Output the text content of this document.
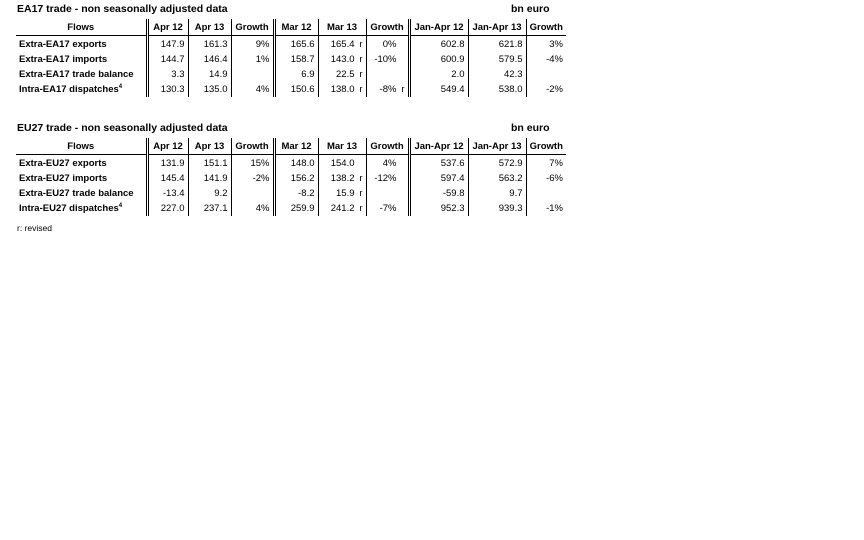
EA17 trade - non seasonally adjusted data	bn euro
Flows	Apr 12	Apr 13	Growth	Mar 12	Mar 13	Growth	Jan-Apr 12	Jan-Apr 13	Growth
Extra-EA17 exports	147.9	161.3	9%	165.6	165.4 r	0%	602.8	621.8	3%
Extra-EA17 imports	144.7	146.4	1%	158.7	143.0 r	-10%	600.9	579.5	-4%
Extra-EA17 trade balance	3.3	14.9		6.9	22.5 r		2.0	42.3	
Intra-EA17 dispatches$^4$	130.3	135.0	4%	150.6	138.0 r	-8% r	549.4	538.0	-2%
EU27 trade - non seasonally adjusted data	bn euro
Flows	Apr 12	Apr 13	Growth	Mar 12	Mar 13	Growth	Jan-Apr 12	Jan-Apr 13	Growth
Extra-EU27 exports	131.9	151.1	15%	148.0	154.0	4%	537.6	572.9	7%
Extra-EU27 imports	145.4	141.9	-2%	156.2	138.2 r	-12%	597.4	563.2	-6%
Extra-EU27 trade balance	-13.4	9.2		-8.2	15.9 r		-59.8	9.7	
Intra-EU27 dispatches$^4$	227.0	237.1	4%	259.9	241.2 r	-7%	952.3	939.3	-1%
r: revised
